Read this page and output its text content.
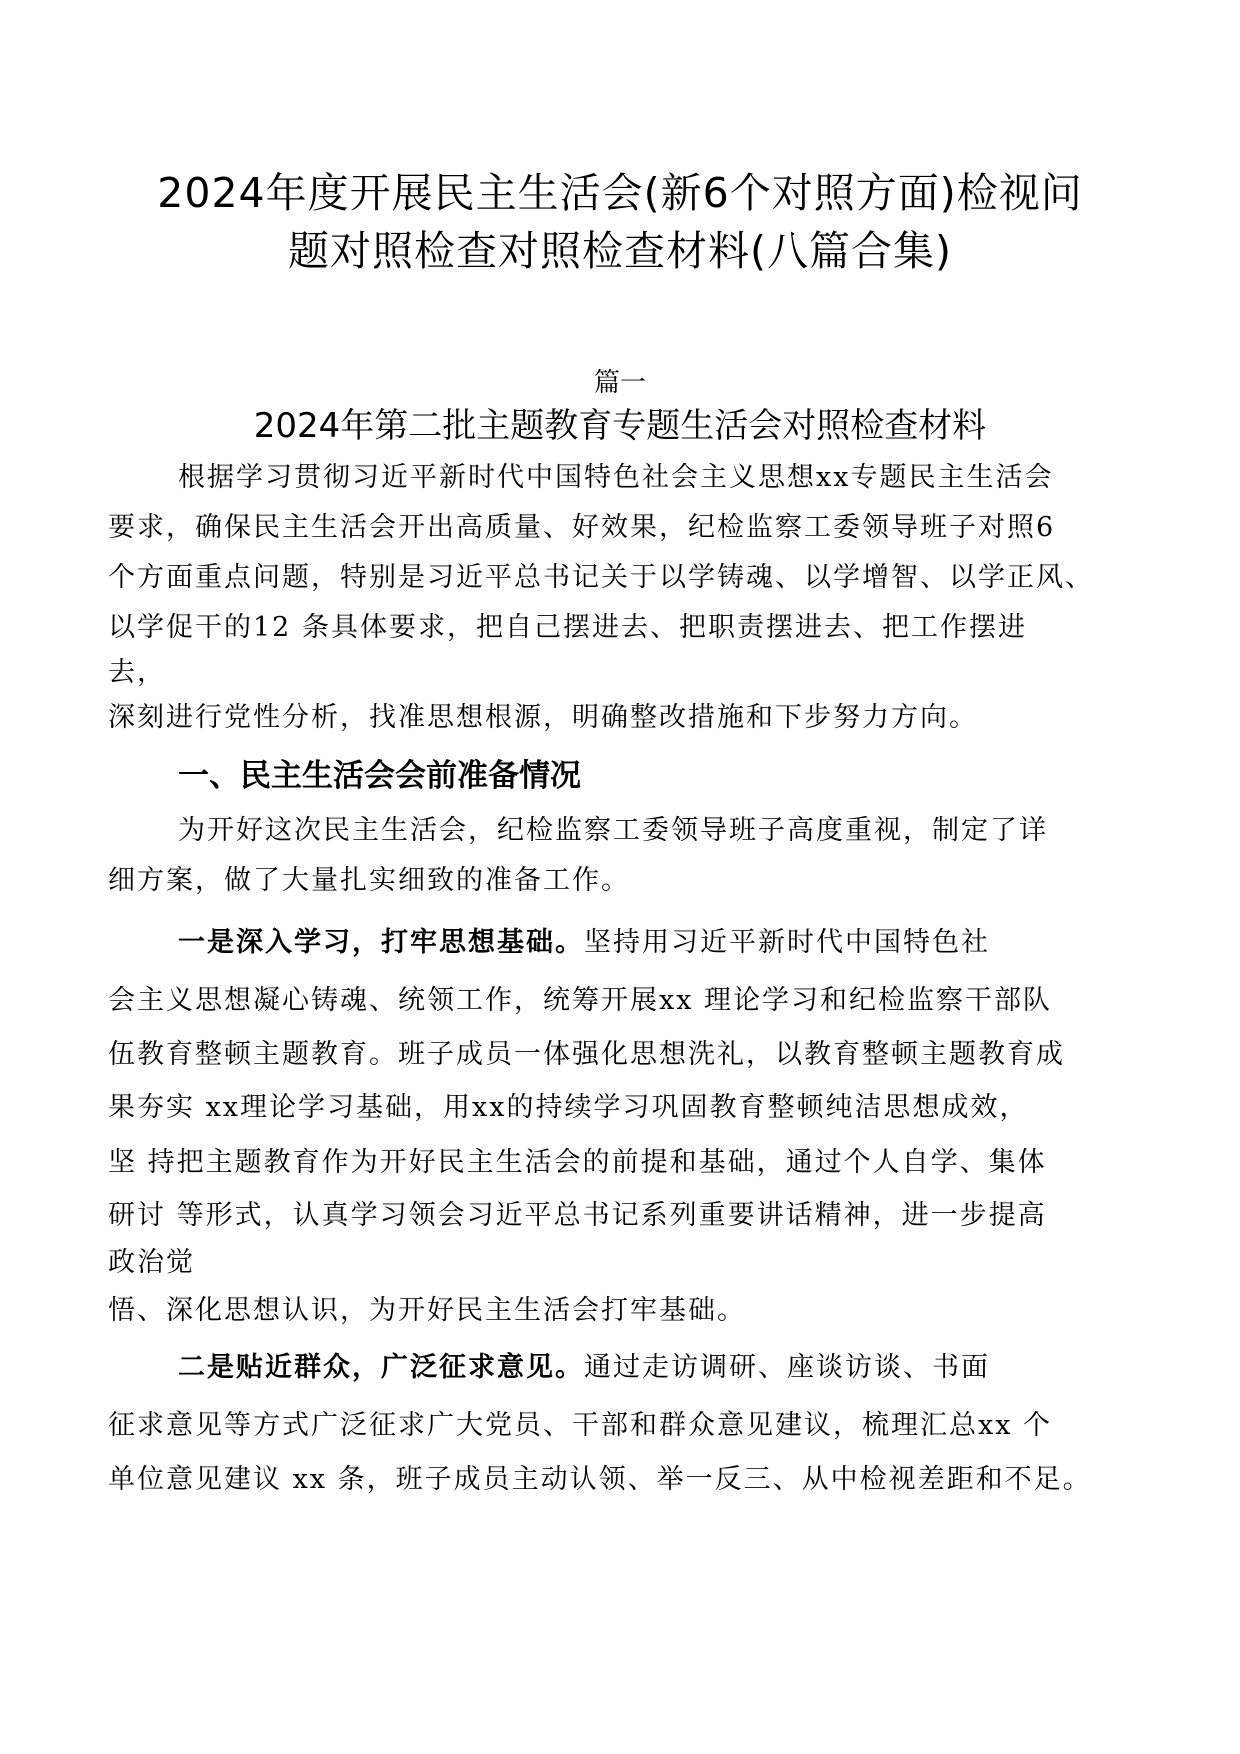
2024年度开展民主生活会(新6个对照方面)检视问

题对照检查对照检查材料(八篇合集)

篇一

2024年第二批主题教育专题生活会对照检查材料

根据学习贯彻习近平新时代中国特色社会主义思想xx专题民主生活会

要求，确保民主生活会开出高质量、好效果，纪检监察工委领导班子对照6

个方面重点问题，特别是习近平总书记关于以学铸魂、以学增智、以学正风、

以学促干的12 条具体要求，把自己摆进去、把职责摆进去、把工作摆进

去，

深刻进行党性分析，找准思想根源，明确整改措施和下步努力方向。

一、民主生活会会前准备情况

为开好这次民主生活会，纪检监察工委领导班子高度重视，制定了详

细方案，做了大量扎实细致的准备工作。

一是深入学习，打牢思想基础。坚持用习近平新时代中国特色社

会主义思想凝心铸魂、统领工作，统筹开展xx 理论学习和纪检监察干部队

伍教育整顿主题教育。班子成员一体强化思想洗礼，以教育整顿主题教育成

果夯实 xx理论学习基础，用xx的持续学习巩固教育整顿纯洁思想成效，

坚 持把主题教育作为开好民主生活会的前提和基础，通过个人自学、集体

研讨 等形式，认真学习领会习近平总书记系列重要讲话精神，进一步提高

政治觉

悟、深化思想认识，为开好民主生活会打牢基础。

二是贴近群众，广泛征求意见。通过走访调研、座谈访谈、书面

征求意见等方式广泛征求广大党员、干部和群众意见建议，梳理汇总xx 个

单位意见建议 xx 条，班子成员主动认领、举一反三、从中检视差距和不足。
